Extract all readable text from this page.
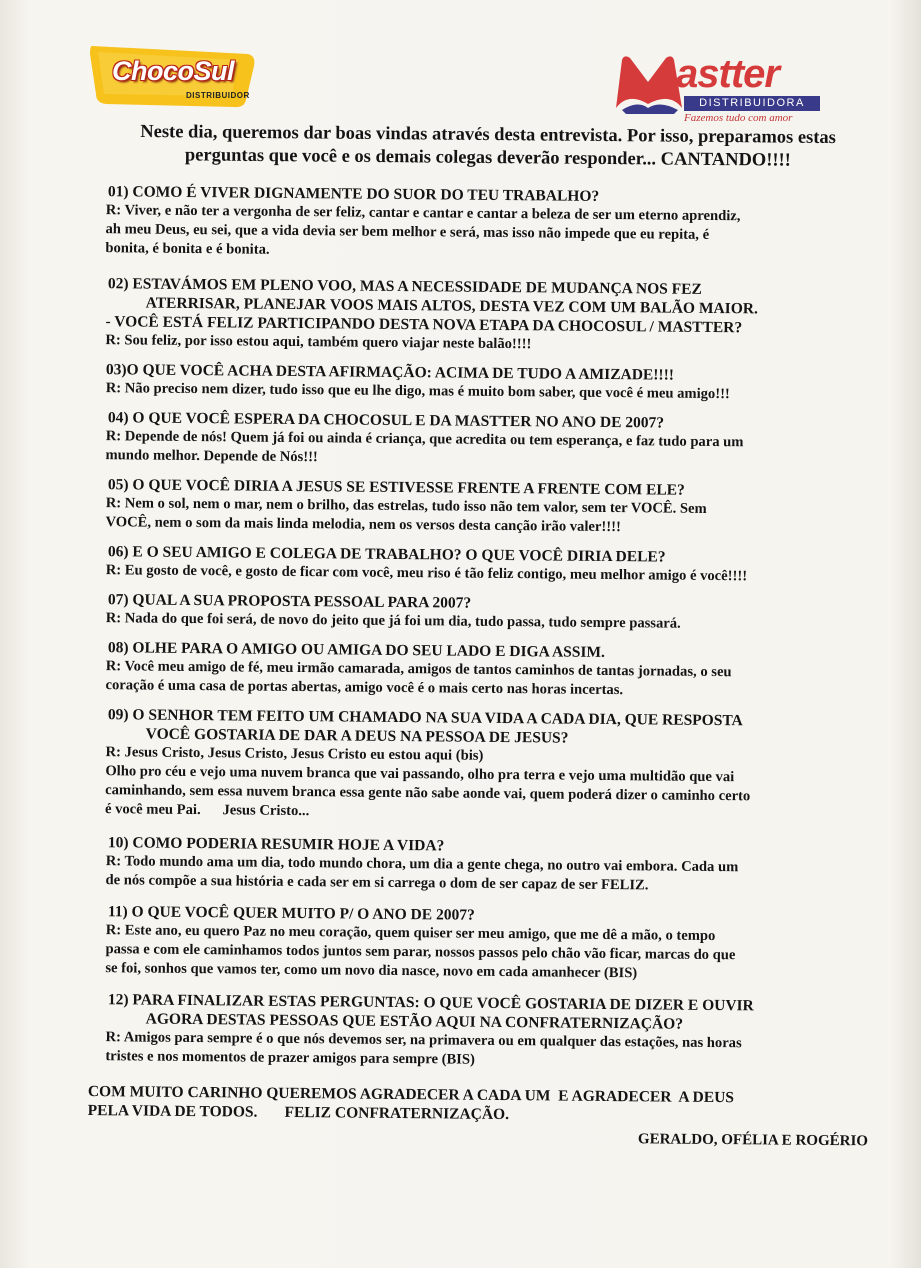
ChocoSul
DISTRIBUIDOR	astter
DISTRIBUIDORA
Fazemos tudo com amor
Neste dia, queremos dar boas vindas através desta entrevista. Por isso, preparamos estas
perguntas que você e os demais colegas deverão responder... CANTANDO!!!!
01) COMO É VIVER DIGNAMENTE DO SUOR DO TEU TRABALHO?
R: Viver, e não ter a vergonha de ser feliz, cantar e cantar e cantar a beleza de ser um eterno aprendiz,
ah meu Deus, eu sei, que a vida devia ser bem melhor e será, mas isso não impede que eu repita, é
bonita, é bonita e é bonita.
02) ESTAVÁMOS EM PLENO VOO, MAS A NECESSIDADE DE MUDANÇA NOS FEZ
ATERRISAR, PLANEJAR VOOS MAIS ALTOS, DESTA VEZ COM UM BALÃO MAIOR.
- VOCÊ ESTÁ FELIZ PARTICIPANDO DESTA NOVA ETAPA DA CHOCOSUL / MASTTER?
R: Sou feliz, por isso estou aqui, também quero viajar neste balão!!!!
03)O QUE VOCÊ ACHA DESTA AFIRMAÇÃO: ACIMA DE TUDO A AMIZADE!!!!
R: Não preciso nem dizer, tudo isso que eu lhe digo, mas é muito bom saber, que você é meu amigo!!!
04) O QUE VOCÊ ESPERA DA CHOCOSUL E DA MASTTER NO ANO DE 2007?
R: Depende de nós! Quem já foi ou ainda é criança, que acredita ou tem esperança, e faz tudo para um
mundo melhor. Depende de Nós!!!
05) O QUE VOCÊ DIRIA A JESUS SE ESTIVESSE FRENTE A FRENTE COM ELE?
R: Nem o sol, nem o mar, nem o brilho, das estrelas, tudo isso não tem valor, sem ter VOCÊ. Sem
VOCÊ, nem o som da mais linda melodia, nem os versos desta canção irão valer!!!!
06) E O SEU AMIGO E COLEGA DE TRABALHO? O QUE VOCÊ DIRIA DELE?
R: Eu gosto de você, e gosto de ficar com você, meu riso é tão feliz contigo, meu melhor amigo é você!!!!
07) QUAL A SUA PROPOSTA PESSOAL PARA 2007?
R: Nada do que foi será, de novo do jeito que já foi um dia, tudo passa, tudo sempre passará.
08) OLHE PARA O AMIGO OU AMIGA DO SEU LADO E DIGA ASSIM.
R: Você meu amigo de fé, meu irmão camarada, amigos de tantos caminhos de tantas jornadas, o seu
coração é uma casa de portas abertas, amigo você é o mais certo nas horas incertas.
09) O SENHOR TEM FEITO UM CHAMADO NA SUA VIDA A CADA DIA, QUE RESPOSTA
VOCÊ GOSTARIA DE DAR A DEUS NA PESSOA DE JESUS?
R: Jesus Cristo, Jesus Cristo, Jesus Cristo eu estou aqui (bis)
Olho pro céu e vejo uma nuvem branca que vai passando, olho pra terra e vejo uma multidão que vai
caminhando, sem essa nuvem branca essa gente não sabe aonde vai, quem poderá dizer o caminho certo
é você meu Pai.      Jesus Cristo...
10) COMO PODERIA RESUMIR HOJE A VIDA?
R: Todo mundo ama um dia, todo mundo chora, um dia a gente chega, no outro vai embora. Cada um
de nós compõe a sua história e cada ser em si carrega o dom de ser capaz de ser FELIZ.
11) O QUE VOCÊ QUER MUITO P/ O ANO DE 2007?
R: Este ano, eu quero Paz no meu coração, quem quiser ser meu amigo, que me dê a mão, o tempo
passa e com ele caminhamos todos juntos sem parar, nossos passos pelo chão vão ficar, marcas do que
se foi, sonhos que vamos ter, como um novo dia nasce, novo em cada amanhecer (BIS)
12) PARA FINALIZAR ESTAS PERGUNTAS: O QUE VOCÊ GOSTARIA DE DIZER E OUVIR
AGORA DESTAS PESSOAS QUE ESTÃO AQUI NA CONFRATERNIZAÇÃO?
R: Amigos para sempre é o que nós devemos ser, na primavera ou em qualquer das estações, nas horas
tristes e nos momentos de prazer amigos para sempre (BIS)
COM MUITO CARINHO QUEREMOS AGRADECER A CADA UM  E AGRADECER  A DEUS
PELA VIDA DE TODOS.       FELIZ CONFRATERNIZAÇÃO.
GERALDO, OFÉLIA E ROGÉRIO
